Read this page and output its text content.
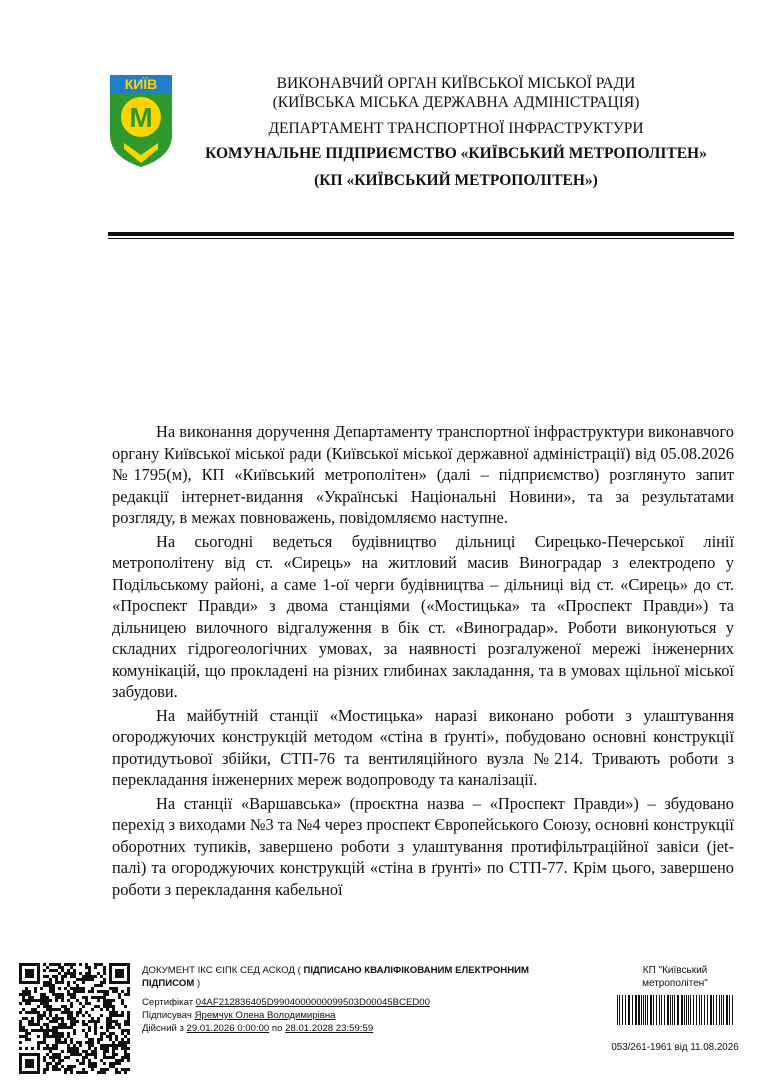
КИЇВ
M
ВИКОНАВЧИЙ ОРГАН КИЇВСЬКОЇ МІСЬКОЇ РАДИ
(КИЇВСЬКА МІСЬКА ДЕРЖАВНА АДМІНІСТРАЦІЯ)
ДЕПАРТАМЕНТ ТРАНСПОРТНОЇ ІНФРАСТРУКТУРИ
КОМУНАЛЬНЕ ПІДПРИЄМСТВО «КИЇВСЬКИЙ МЕТРОПОЛІТЕН»
(КП «КИЇВСЬКИЙ МЕТРОПОЛІТЕН»)

На виконання доручення Департаменту транспортної інфраструктури виконавчого органу Київської міської ради (Київської міської державної адміністрації) від 05.08.2026 №1795(м), КП «Київський метрополітен» (далі – підприємство) розглянуто запит редакції інтернет-видання «Українські Національні Новини», та за результатами розгляду, в межах повноважень, повідомляємо наступне.

На сьогодні ведеться будівництво дільниці Сирецько-Печерської лінії метрополітену від ст. «Сирець» на житловий масив Виноградар з електродепо у Подільському районі, а саме 1-ої черги будівництва – дільниці від ст. «Сирець» до ст. «Проспект Правди» з двома станціями («Мостицька» та «Проспект Правди») та дільницею вилочного відгалуження в бік ст. «Виноградар». Роботи виконуються у складних гідрогеологічних умовах, за наявності розгалуженої мережі інженерних комунікацій, що прокладені на різних глибинах закладання, та в умовах щільної міської забудови.

На майбутній станції «Мостицька» наразі виконано роботи з улаштування огороджуючих конструкцій методом «стіна в ґрунті», побудовано основні конструкції протидутьової збійки, СТП-76 та вентиляційного вузла №214. Тривають роботи з перекладання інженерних мереж водопроводу та каналізації.

На станції «Варшавська» (проєктна назва – «Проспект Правди») – збудовано перехід з виходами №3 та №4 через проспект Європейського Союзу, основні конструкції оборотних тупиків, завершено роботи з улаштування протифільтраційної завіси (jet-палі) та огороджуючих конструкцій «стіна в ґрунті» по СТП-77. Крім цього, завершено роботи з перекладання кабельної

ДОКУМЕНТ ІКС ЄІПК СЕД АСКОД ( ПІДПИСАНО КВАЛІФІКОВАНИМ ЕЛЕКТРОННИМ
ПІДПИСОМ )
Сертифікат 04AF212836405D9904000000099503D00045BCED00
Підписувач Яремчук Олена Володимирівна
Дійсний з 29.01.2026 0:00:00 по 28.01.2028 23:59:59
КП "Київський
метрополітен"
053/261-1961 від 11.08.2026
